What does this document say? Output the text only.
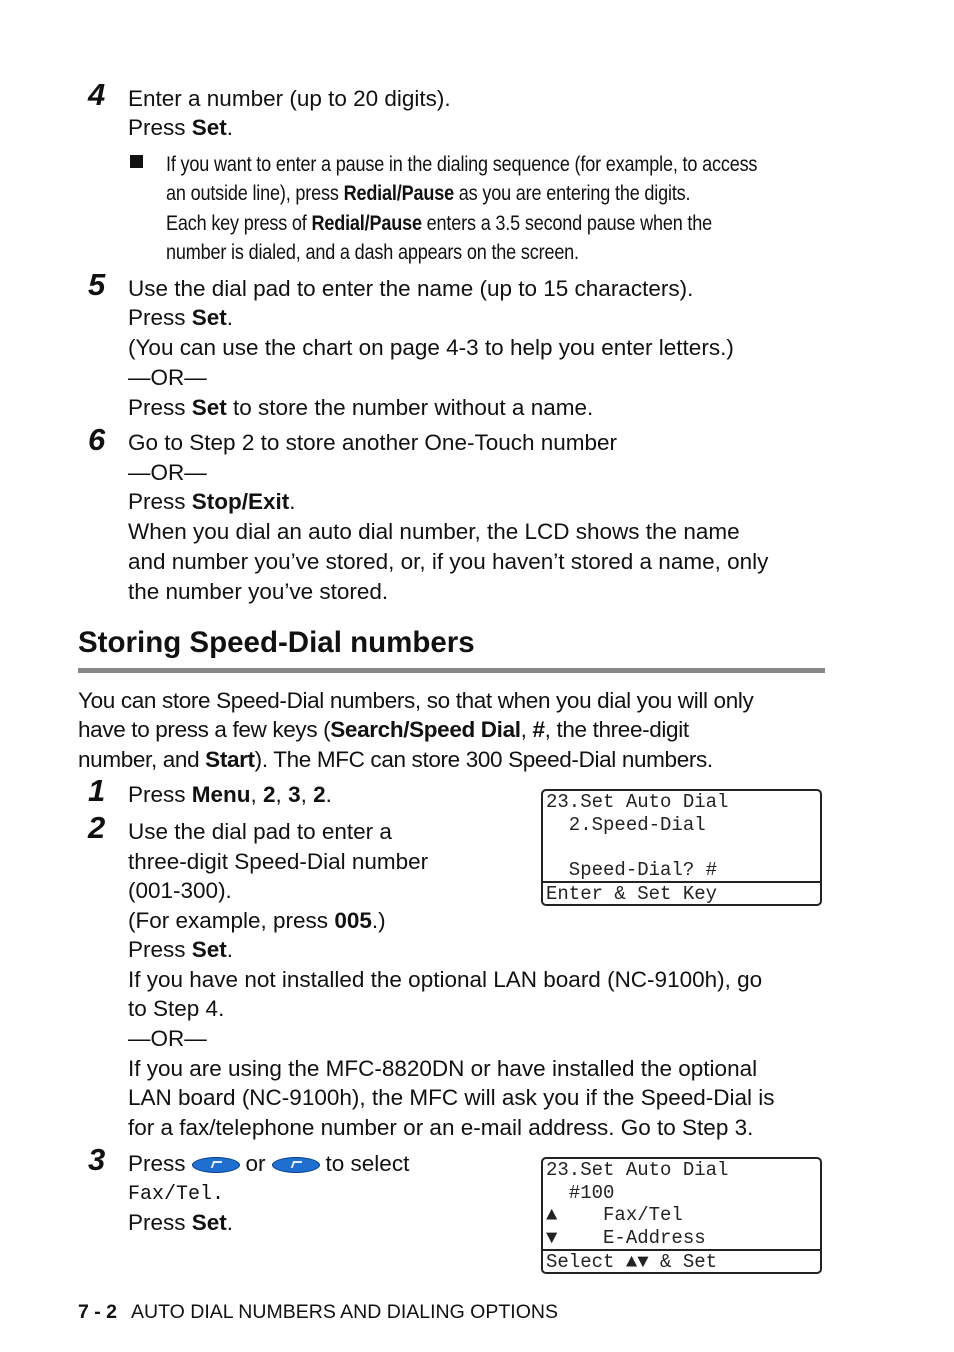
4 Enter a number (up to 20 digits).
Press Set.
If you want to enter a pause in the dialing sequence (for example, to access
an outside line), press Redial/Pause as you are entering the digits.
Each key press of Redial/Pause enters a 3.5 second pause when the
number is dialed, and a dash appears on the screen.
5 Use the dial pad to enter the name (up to 15 characters).
Press Set.
(You can use the chart on page 4-3 to help you enter letters.)
—OR—
Press Set to store the number without a name.
6 Go to Step 2 to store another One-Touch number
—OR—
Press Stop/Exit.
When you dial an auto dial number, the LCD shows the name
and number you’ve stored, or, if you haven’t stored a name, only
the number you’ve stored.
Storing Speed-Dial numbers
You can store Speed-Dial numbers, so that when you dial you will only
have to press a few keys (Search/Speed Dial, #, the three-digit
number, and Start). The MFC can store 300 Speed-Dial numbers.
1 Press Menu, 2, 3, 2.	23.Set Auto Dial
2.Speed-Dial
Speed-Dial? #
Enter & Set Key
2 Use the dial pad to enter a
three-digit Speed-Dial number
(001-300).
(For example, press 005.)
Press Set.
If you have not installed the optional LAN board (NC-9100h), go
to Step 4.
—OR—
If you are using the MFC-8820DN or have installed the optional
LAN board (NC-9100h), the MFC will ask you if the Speed-Dial is
for a fax/telephone number or an e-mail address. Go to Step 3.
3 Press	or	to select
Fax/Tel.
Press Set.
23.Set Auto Dial
#100
▲    Fax/Tel
▼    E-Address
Select ▲▼ & Set
7 - 2 AUTO DIAL NUMBERS AND DIALING OPTIONS
